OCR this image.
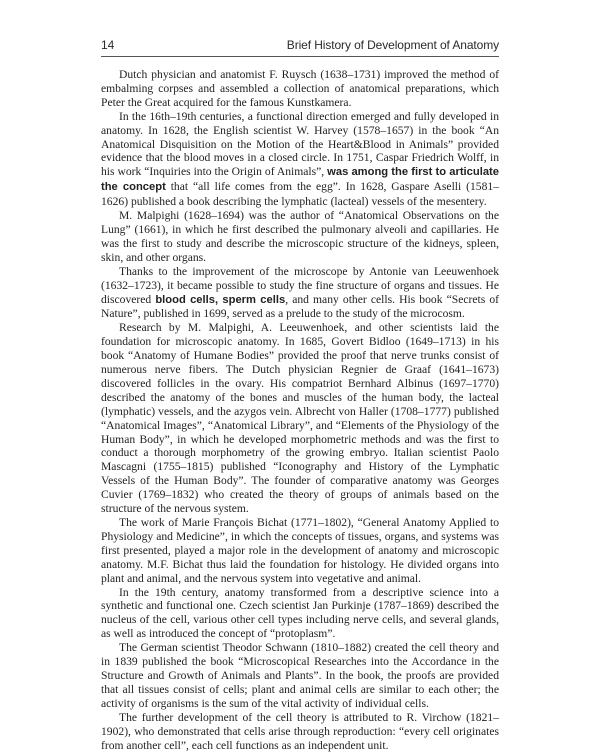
14	Brief History of Development of Anatomy

Dutch physician and anatomist F. Ruysch (1638–1731) improved the method of embalming corpses and assembled a collection of anatomical preparations, which Peter the Great acquired for the famous Kunstkamera.

In the 16th–19th centuries, a functional direction emerged and fully developed in anatomy. In 1628, the English scientist W. Harvey (1578–1657) in the book “An Anatomical Disquisition on the Motion of the Heart&Blood in Animals” provided evidence that the blood moves in a closed circle. In 1751, Caspar Friedrich Wolff, in his work “Inquiries into the Origin of Animals”, was among the first to articulate the concept that “all life comes from the egg”. In 1628, Gaspare Aselli (1581–1626) published a book describing the lymphatic (lacteal) vessels of the mesentery.

M. Malpighi (1628–1694) was the author of “Anatomical Observations on the Lung” (1661), in which he first described the pulmonary alveoli and capillaries. He was the first to study and describe the microscopic structure of the kidneys, spleen, skin, and other organs.

Thanks to the improvement of the microscope by Antonie van Leeuwenhoek (1632–1723), it became possible to study the fine structure of organs and tissues. He discovered blood cells, sperm cells, and many other cells. His book “Secrets of Nature”, published in 1699, served as a prelude to the study of the microcosm.

Research by M. Malpighi, A. Leeuwenhoek, and other scientists laid the foundation for microscopic anatomy. In 1685, Govert Bidloo (1649–1713) in his book “Anatomy of Humane Bodies” provided the proof that nerve trunks consist of numerous nerve fibers. The Dutch physician Regnier de Graaf (1641–1673) discovered follicles in the ovary. His compatriot Bernhard Albinus (1697–1770) described the anatomy of the bones and muscles of the human body, the lacteal (lymphatic) vessels, and the azygos vein. Albrecht von Haller (1708–1777) published “Anatomical Images”, “Anatomical Library”, and “Elements of the Physiology of the Human Body”, in which he developed morphometric methods and was the first to conduct a thorough morphometry of the growing embryo. Italian scientist Paolo Mascagni (1755–1815) published “Iconography and History of the Lymphatic Vessels of the Human Body”. The founder of comparative anatomy was Georges Cuvier (1769–1832) who created the theory of groups of animals based on the structure of the nervous system.

The work of Marie François Bichat (1771–1802), “General Anatomy Applied to Physiology and Medicine”, in which the concepts of tissues, organs, and systems was first presented, played a major role in the development of anatomy and microscopic anatomy. M.F. Bichat thus laid the foundation for histology. He divided organs into plant and animal, and the nervous system into vegetative and animal.

In the 19th century, anatomy transformed from a descriptive science into a synthetic and functional one. Czech scientist Jan Purkinje (1787–1869) described the nucleus of the cell, various other cell types including nerve cells, and several glands, as well as introduced the concept of “protoplasm”.

The German scientist Theodor Schwann (1810–1882) created the cell theory and in 1839 published the book “Microscopical Researches into the Accordance in the Structure and Growth of Animals and Plants”. In the book, the proofs are provided that all tissues consist of cells; plant and animal cells are similar to each other; the activity of organisms is the sum of the vital activity of individual cells.

The further development of the cell theory is attributed to R. Virchow (1821–1902), who demonstrated that cells arise through reproduction: “every cell originates from another cell”, each cell functions as an independent unit.
